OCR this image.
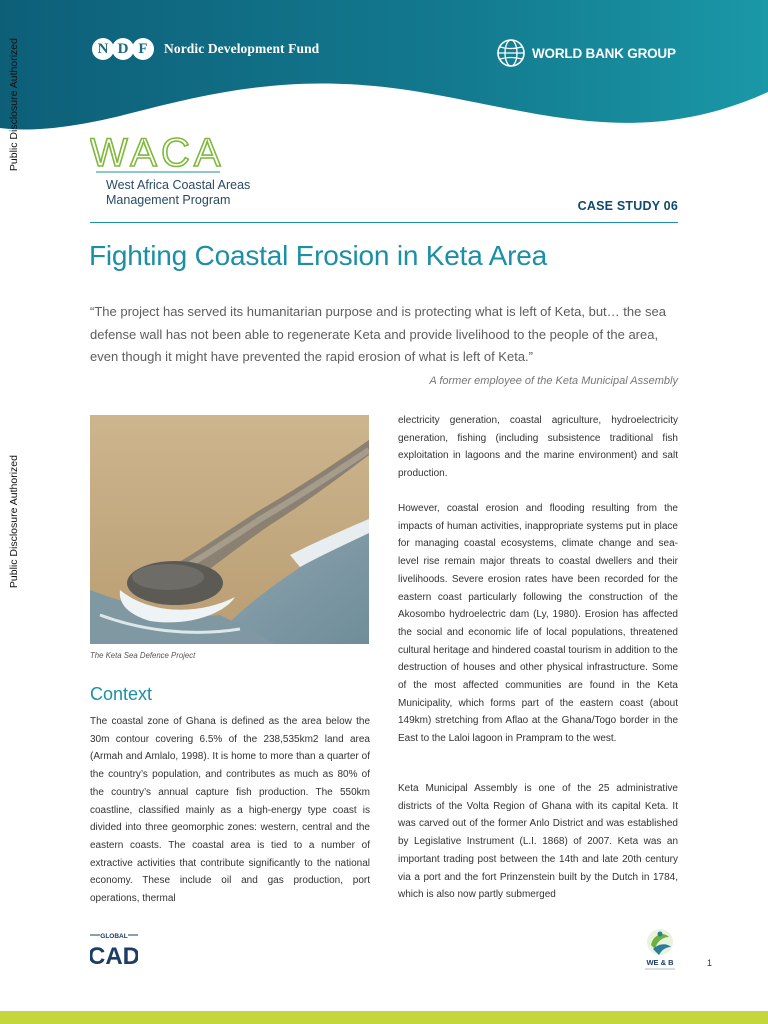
N D F	Nordic Development Fund	WORLD BANK GROUP
Public Disclosure Authorized
Public Disclosure Authorized
WACA
West Africa Coastal Areas
Management Program	CASE STUDY 06
Fighting Coastal Erosion in Keta Area

“The project has served its humanitarian purpose and is protecting what is left of Keta, but… the sea defense wall has not been able to regenerate Keta and provide livelihood to the people of the area, even though it might have prevented the rapid erosion of what is left of Keta.”

A former employee of the Keta Municipal Assembly

The Keta Sea Defence Project
Context

The coastal zone of Ghana is defined as the area below the 30m contour covering 6.5% of the 238,535km2 land area (Armah and Amlalo, 1998). It is home to more than a quarter of the country’s population, and contributes as much as 80% of the country’s annual capture fish production. The 550km coastline, classified mainly as a high-energy type coast is divided into three geomorphic zones: western, central and the eastern coasts. The coastal area is tied to a number of extractive activities that contribute significantly to the national economy. These include oil and gas production, port operations, thermal

electricity generation, coastal agriculture, hydroelectricity generation, fishing (including subsistence traditional fish exploitation in lagoons and the marine environment) and salt production.

However, coastal erosion and flooding resulting from the impacts of human activities, inappropriate systems put in place for managing coastal ecosystems, climate change and sea-level rise remain major threats to coastal dwellers and their livelihoods. Severe erosion rates have been recorded for the eastern coast particularly following the construction of the Akosombo hydroelectric dam (Ly, 1980). Erosion has affected the social and economic life of local populations, threatened cultural heritage and hindered coastal tourism in addition to the destruction of houses and other physical infrastructure. Some of the most affected communities are found in the Keta Municipality, which forms part of the eastern coast (about 149km) stretching from Aflao at the Ghana/Togo border in the East to the Laloi lagoon in Prampram to the west.

Keta Municipal Assembly is one of the 25 administrative districts of the Volta Region of Ghana with its capital Keta. It was carved out of the former Anlo District and was established by Legislative Instrument (L.I. 1868) of 2007. Keta was an important trading post between the 14th and late 20th century via a port and the fort Prinzenstein built by the Dutch in 1784, which is also now partly submerged

GLOBAL
CAD	WE & B	1
